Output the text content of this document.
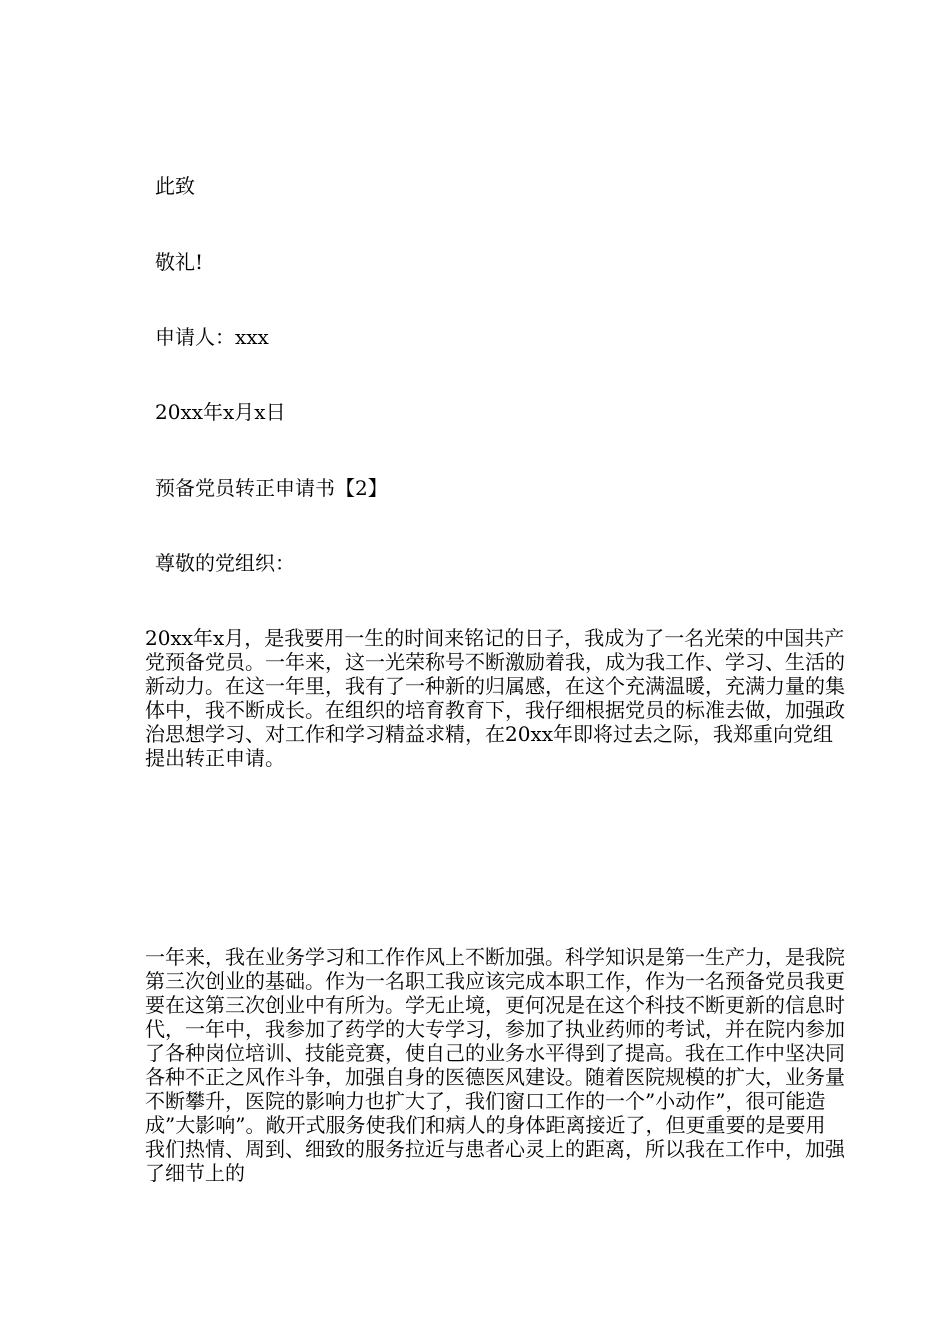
此致
敬礼!
申请人：xxx
20xx年x月x日
预备党员转正申请书【2】
尊敬的党组织：

20xx年x月，是我要用一生的时间来铭记的日子，我成为了一名光荣的中国共产党预备党员。一年来，这一光荣称号不断激励着我，成为我工作、学习、生活的新动力。在这一年里，我有了一种新的归属感，在这个充满温暖，充满力量的集体中，我不断成长。在组织的培育教育下，我仔细根据党员的标准去做，加强政治思想学习、对工作和学习精益求精，在20xx年即将过去之际，我郑重向党组提出转正申请。

一年来，我在业务学习和工作作风上不断加强。科学知识是第一生产力，是我院第三次创业的基础。作为一名职工我应该完成本职工作，作为一名预备党员我更要在这第三次创业中有所为。学无止境，更何况是在这个科技不断更新的信息时代，一年中，我参加了药学的大专学习，参加了执业药师的考试，并在院内参加了各种岗位培训、技能竞赛，使自己的业务水平得到了提高。我在工作中坚决同各种不正之风作斗争，加强自身的医德医风建设。随着医院规模的扩大，业务量不断攀升，医院的影响力也扩大了，我们窗口工作的一个”小动作”，很可能造成”大影响”。敞开式服务使我们和病人的身体距离接近了，但更重要的是要用我们热情、周到、细致的服务拉近与患者心灵上的距离，所以我在工作中，加强了细节上的
